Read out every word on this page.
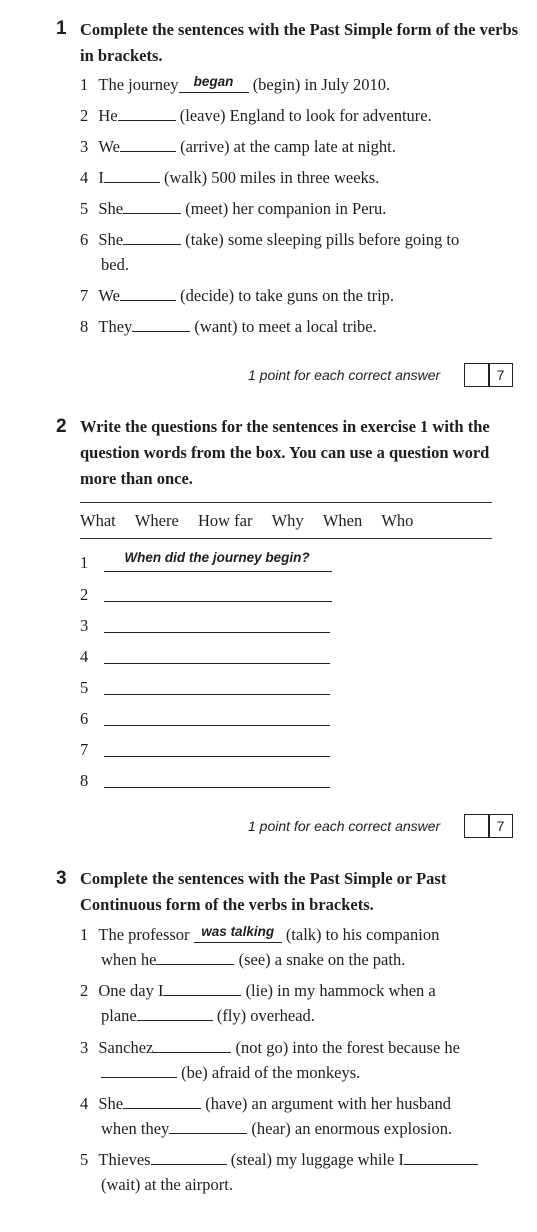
1 Complete the sentences with the Past Simple form of the verbs in brackets.
1 The journey began (begin) in July 2010.
2 He	(leave) England to look for adventure.
3 We	(arrive) at the camp late at night.
4 I	(walk) 500 miles in three weeks.
5 She	(meet) her companion in Peru.
6 She	(take) some sleeping pills before going to
bed.
7 We	(decide) to take guns on the trip.
8 They	(want) to meet a local tribe.
1 point for each correct answer	7
2 Write the questions for the sentences in exercise 1 with the question words from the box. You can use a question word more than once.
What Where How far Why When Who
1	When did the journey begin?
2
3
4
5
6
7
8
1 point for each correct answer	7
3 Complete the sentences with the Past Simple or Past Continuous form of the verbs in brackets.
1 The professor was talking (talk) to his companion
when he	(see) a snake on the path.
2 One day I	(lie) in my hammock when a
plane	(fly) overhead.
3 Sanchez	(not go) into the forest because he
(be) afraid of the monkeys.
4 She	(have) an argument with her husband
when they	(hear) an enormous explosion.
5 Thieves	(steal) my luggage while I
(wait) at the airport.
